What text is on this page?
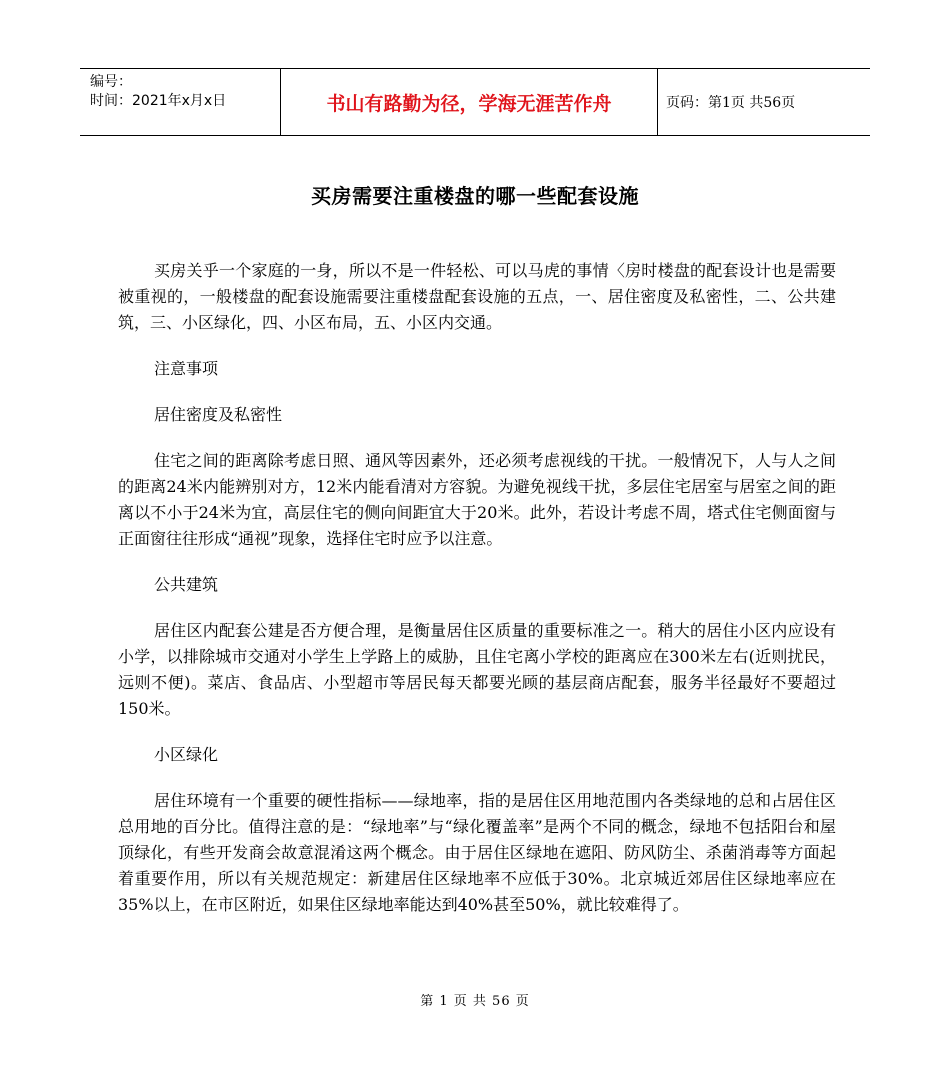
编号：
时间：2021年x月x日	书山有路勤为径，学海无涯苦作舟	页码：第1页 共56页
买房需要注重楼盘的哪一些配套设施

买房关乎一个家庭的一身，所以不是一件轻松、可以马虎的事情〈房时楼盘的配套设计也是需要被重视的，一般楼盘的配套设施需要注重楼盘配套设施的五点，一、居住密度及私密性，二、公共建筑，三、小区绿化，四、小区布局，五、小区内交通。

注意事项

居住密度及私密性

住宅之间的距离除考虑日照、通风等因素外，还必须考虑视线的干扰。一般情况下，人与人之间的距离24米内能辨别对方，12米内能看清对方容貌。为避免视线干扰，多层住宅居室与居室之间的距离以不小于24米为宜，高层住宅的侧向间距宜大于20米。此外，若设计考虑不周，塔式住宅侧面窗与正面窗往往形成“通视”现象，选择住宅时应予以注意。

公共建筑

居住区内配套公建是否方便合理，是衡量居住区质量的重要标准之一。稍大的居住小区内应设有小学，以排除城市交通对小学生上学路上的威胁，且住宅离小学校的距离应在300米左右(近则扰民，远则不便)。菜店、食品店、小型超市等居民每天都要光顾的基层商店配套，服务半径最好不要超过150米。

小区绿化

居住环境有一个重要的硬性指标——绿地率，指的是居住区用地范围内各类绿地的总和占居住区总用地的百分比。值得注意的是：“绿地率”与“绿化覆盖率”是两个不同的概念，绿地不包括阳台和屋顶绿化，有些开发商会故意混淆这两个概念。由于居住区绿地在遮阳、防风防尘、杀菌消毒等方面起着重要作用，所以有关规范规定：新建居住区绿地率不应低于30%。北京城近郊居住区绿地率应在35%以上，在市区附近，如果住区绿地率能达到40%甚至50%，就比较难得了。

第 1 页 共 56 页
